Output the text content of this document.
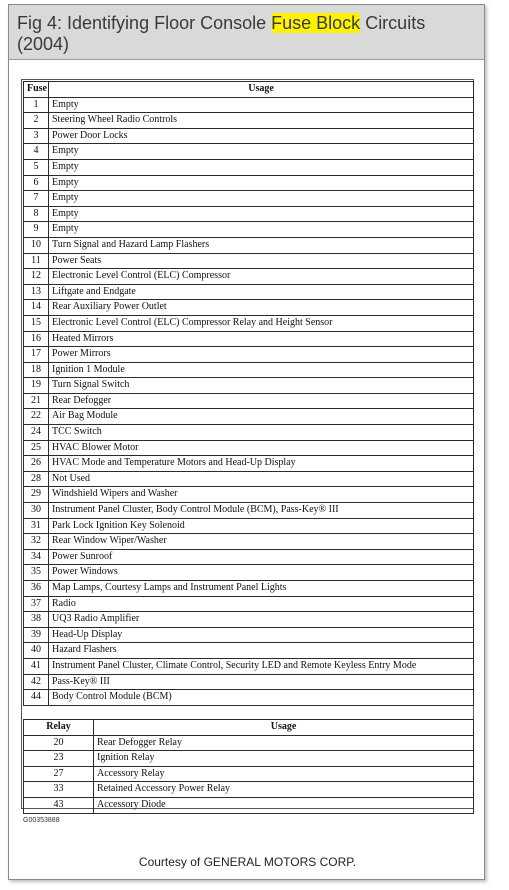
Fig 4: Identifying Floor Console Fuse Block Circuits (2004)
Fuse	Usage
1	Empty
2	Steering Wheel Radio Controls
3	Power Door Locks
4	Empty
5	Empty
6	Empty
7	Empty
8	Empty
9	Empty
10	Turn Signal and Hazard Lamp Flashers
11	Power Seats
12	Electronic Level Control (ELC) Compressor
13	Liftgate and Endgate
14	Rear Auxiliary Power Outlet
15	Electronic Level Control (ELC) Compressor Relay and Height Sensor
16	Heated Mirrors
17	Power Mirrors
18	Ignition 1 Module
19	Turn Signal Switch
21	Rear Defogger
22	Air Bag Module
24	TCC Switch
25	HVAC Blower Motor
26	HVAC Mode and Temperature Motors and Head-Up Display
28	Not Used
29	Windshield Wipers and Washer
30	Instrument Panel Cluster, Body Control Module (BCM), Pass-Key® III
31	Park Lock Ignition Key Solenoid
32	Rear Window Wiper/Washer
34	Power Sunroof
35	Power Windows
36	Map Lamps, Courtesy Lamps and Instrument Panel Lights
37	Radio
38	UQ3 Radio Amplifier
39	Head-Up Display
40	Hazard Flashers
41	Instrument Panel Cluster, Climate Control, Security LED and Remote Keyless Entry Mode
42	Pass-Key® III
44	Body Control Module (BCM)
Relay	Usage
20	Rear Defogger Relay
23	Ignition Relay
27	Accessory Relay
33	Retained Accessory Power Relay
43	Accessory Diode
G00353888
Courtesy of GENERAL MOTORS CORP.
